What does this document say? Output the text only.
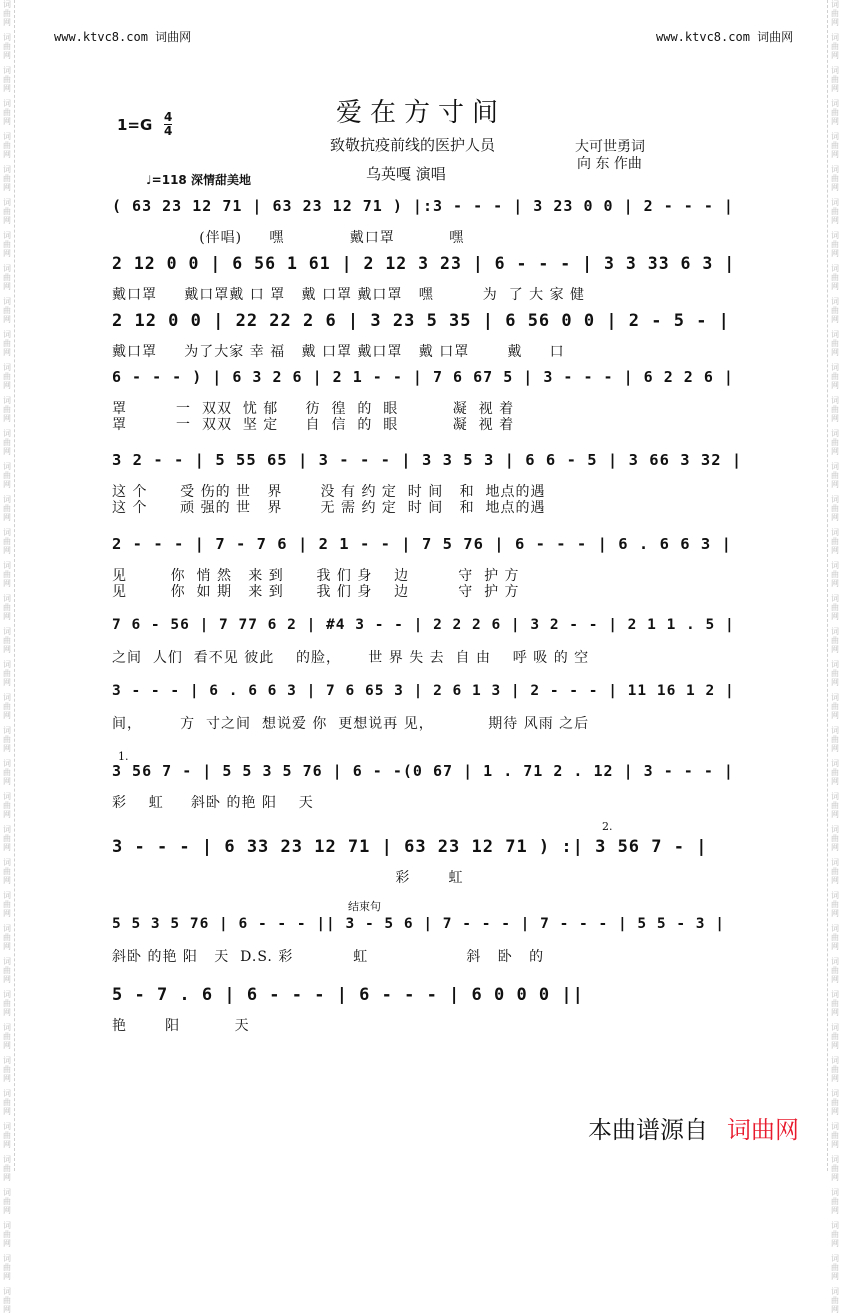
词曲网
词曲网
词曲网
词曲网
词曲网
词曲网
词曲网
词曲网
词曲网
词曲网
词曲网
词曲网
词曲网
词曲网
词曲网
词曲网
词曲网
词曲网
词曲网
词曲网
词曲网
词曲网
词曲网
词曲网
词曲网
词曲网
词曲网
词曲网
词曲网
词曲网
词曲网
词曲网
词曲网
词曲网
词曲网
词曲网
词曲网
词曲网
词曲网
词曲网
词曲网
词曲网
词曲网
词曲网
词曲网
词曲网
词曲网
词曲网
词曲网
词曲网
词曲网
词曲网
词曲网
词曲网
词曲网
词曲网
词曲网
词曲网
词曲网
词曲网
词曲网
词曲网
词曲网
词曲网
词曲网
词曲网
词曲网
词曲网
词曲网
词曲网
词曲网
词曲网
词曲网
词曲网
词曲网
词曲网
词曲网
词曲网
词曲网
词曲网
www.ktvc8.com 词曲网	www.ktvc8.com 词曲网
爱在方寸间
1=G 4
4
致敬抗疫前线的医护人员	大可世勇词
向 东 作曲
乌英嘎 演唱
♩=118 深情甜美地
( 63 23 12 71 | 63 23 12 71 ) |:3 - - - | 3 23 0 0 | 2 - - - |
(伴唱)     嘿            戴口罩          嘿
2 12 0 0 | 6 56 1 61 | 2 12 3 23 | 6 - - - | 3 3 33 6 3 |
戴口罩     戴口罩戴 口 罩   戴 口罩 戴口罩   嘿         为  了 大 家 健
2 12 0 0 | 22 22 2 6 | 3 23 5 35 | 6 56 0 0 | 2 - 5 - |
戴口罩     为了大家 幸 福   戴 口罩 戴口罩   戴 口罩       戴     口
6 - - - ) | 6 3 2 6 | 2 1 - - | 7 6 67 5 | 3 - - - | 6 2 2 6 |
罩         一  双双  忧 郁     彷  徨  的  眼          凝  视 着
罩         一  双双  坚 定     自  信  的  眼          凝  视 着
3 2 - - | 5 55 65 | 3 - - - | 3 3 5 3 | 6 6 - 5 | 3 66 3 32 |
这 个      受 伤的 世   界       没 有 约 定  时 间   和  地点的遇
这 个      顽 强的 世   界       无 需 约 定  时 间   和  地点的遇
2 - - - | 7 - 7 6 | 2 1 - - | 7 5 76 | 6 - - - | 6 . 6 6 3 |
见        你  悄 然   来 到      我 们 身    边         守  护 方
见        你  如 期   来 到      我 们 身    边         守  护 方
7 6 - 56 | 7 77 6 2 | #4 3 - - | 2 2 2 6 | 3 2 - - | 2 1 1 . 5 |
之间  人们  看不见 彼此    的脸，     世 界 失 去  自 由    呼 吸 的 空
3 - - - | 6 . 6 6 3 | 7 6 65 3 | 2 6 1 3 | 2 - - - | 11 16 1 2 |
间，       方  寸之间  想说爱 你  更想说再 见，          期待 风雨 之后
3 56 7 - | 5 5 3 5 76 | 6 - -(0 67 | 1 . 71 2 . 12 | 3 - - - |
彩    虹     斜卧 的艳 阳    天
3 - - - | 6 33 23 12 71 | 63 23 12 71 ) :| 3 56 7 - |
彩       虹
5 5 3 5 76 | 6 - - - || 3 - 5 6 | 7 - - - | 7 - - - | 5 5 - 3 |
斜卧 的艳 阳   天  D.S. 彩           虹                  斜   卧   的
5 - 7 . 6 | 6 - - - | 6 - - - | 6 0 0 0 ||
艳       阳          天
1.
2.
结束句
本曲谱源自 词曲网
